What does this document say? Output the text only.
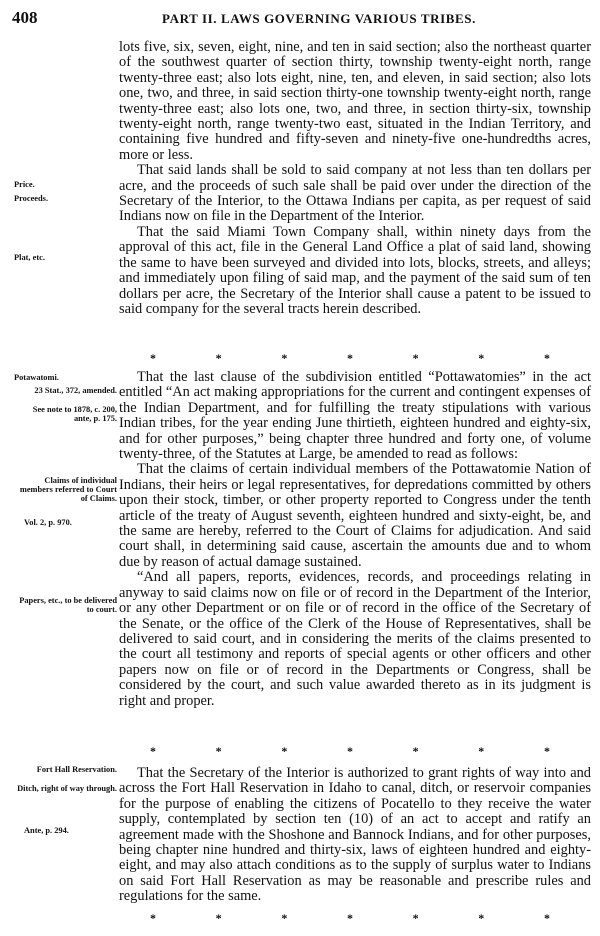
408	PART II. LAWS GOVERNING VARIOUS TRIBES.

lots five, six, seven, eight, nine, and ten in said section; also the northeast quarter of the southwest quarter of section thirty, township twenty-eight north, range twenty-three east; also lots eight, nine, ten, and eleven, in said section; also lots one, two, and three, in said section thirty-one township twenty-eight north, range twenty-three east; also lots one, two, and three, in section thirty-six, township twenty-eight north, range twenty-two east, situated in the Indian Territory, and containing five hundred and fifty-seven and ninety-five one-hundredths acres, more or less.

That said lands shall be sold to said company at not less than ten dollars per acre, and the proceeds of such sale shall be paid over under the direction of the Secretary of the Interior, to the Ottawa Indians per capita, as per request of said Indians now on file in the Department of the Interior.

That the said Miami Town Company shall, within ninety days from the approval of this act, file in the General Land Office a plat of said land, showing the same to have been surveyed and divided into lots, blocks, streets, and alleys; and immediately upon filing of said map, and the payment of the said sum of ten dollars per acre, the Secretary of the Interior shall cause a patent to be issued to said company for the several tracts herein described.

Price.
Proceeds.
Plat, etc.
*	*	*	*	*	*	*

That the last clause of the subdivision entitled “Pottawatomies” in the act entitled “An act making appropriations for the current and contingent expenses of the Indian Department, and for fulfilling the treaty stipulations with various Indian tribes, for the year ending June thirtieth, eighteen hundred and eighty-six, and for other purposes,” being chapter three hundred and forty one, of volume twenty-three, of the Statutes at Large, be amended to read as follows:

That the claims of certain individual members of the Pottawatomie Nation of Indians, their heirs or legal representatives, for depredations committed by others upon their stock, timber, or other property reported to Congress under the tenth article of the treaty of August seventh, eighteen hundred and sixty-eight, be, and the same are hereby, referred to the Court of Claims for adjudication. And said court shall, in determining said cause, ascertain the amounts due and to whom due by reason of actual damage sustained.

“And all papers, reports, evidences, records, and proceedings relating in anyway to said claims now on file or of record in the Department of the Interior, or any other Department or on file or of record in the office of the Secretary of the Senate, or the office of the Clerk of the House of Representatives, shall be delivered to said court, and in considering the merits of the claims presented to the court all testimony and reports of special agents or other officers and other papers now on file or of record in the Departments or Congress, shall be considered by the court, and such value awarded thereto as in its judgment is right and proper.

Potawatomi.
23 Stat., 372, amended.
See note to 1878, c. 200, ante, p. 175.
Claims of individual members referred to Court of Claims.
Vol. 2, p. 970.
Papers, etc., to be delivered to court.
*	*	*	*	*	*	*

That the Secretary of the Interior is authorized to grant rights of way into and across the Fort Hall Reservation in Idaho to canal, ditch, or reservoir companies for the purpose of enabling the citizens of Pocatello to they receive the water supply, contemplated by section ten (10) of an act to accept and ratify an agreement made with the Shoshone and Bannock Indians, and for other purposes, being chapter nine hundred and thirty-six, laws of eighteen hundred and eighty-eight, and may also attach conditions as to the supply of surplus water to Indians on said Fort Hall Reservation as may be reasonable and prescribe rules and regulations for the same.

Fort Hall Reservation.
Ditch, right of way through.
Ante, p. 294.
*	*	*	*	*	*	*
